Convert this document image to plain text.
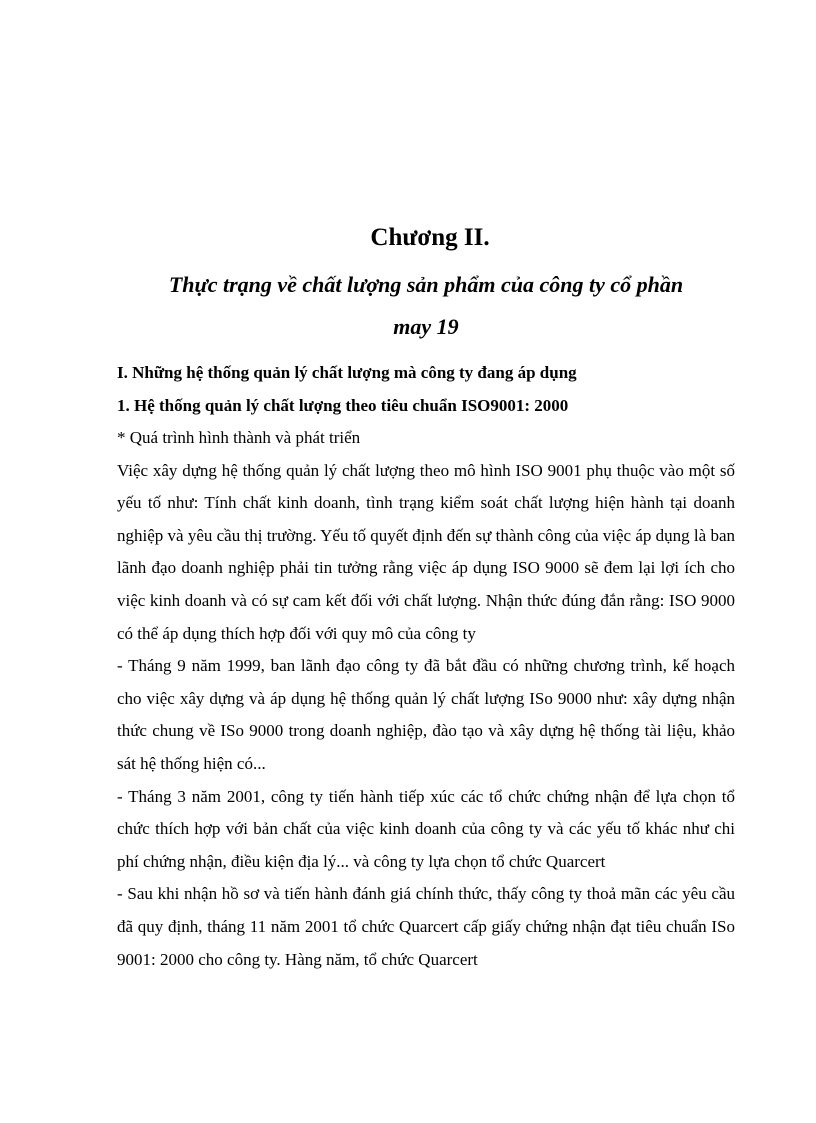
Chương II.
Thực trạng về chất lượng sản phẩm của công ty cổ phần
may 19

I. Những hệ thống quản lý chất lượng mà công ty đang áp dụng

1. Hệ thống quản lý chất lượng theo tiêu chuẩn ISO9001: 2000

* Quá trình hình thành và phát triển

Việc xây dựng hệ thống quản lý chất lượng theo mô hình ISO 9001 phụ thuộc vào một số yếu tố như: Tính chất kinh doanh, tình trạng kiểm soát chất lượng hiện hành tại doanh nghiệp và yêu cầu thị trường. Yếu tố quyết định đến sự thành công của việc áp dụng là ban lãnh đạo doanh nghiệp phải tin tưởng rằng việc áp dụng ISO 9000 sẽ đem lại lợi ích cho việc kinh doanh và có sự cam kết đối với chất lượng. Nhận thức đúng đắn rằng: ISO 9000 có thể áp dụng thích hợp đối với quy mô của công ty

- Tháng 9 năm 1999, ban lãnh đạo công ty đã bắt đầu có những chương trình, kế hoạch cho việc xây dựng và áp dụng hệ thống quản lý chất lượng ISo 9000 như: xây dựng nhận thức chung về ISo 9000 trong doanh nghiệp, đào tạo và xây dựng hệ thống tài liệu, khảo sát hệ thống hiện có...

- Tháng 3 năm 2001, công ty tiến hành tiếp xúc các tổ chức chứng nhận để lựa chọn tổ chức thích hợp với bản chất của việc kinh doanh của công ty và các yếu tố khác như chi phí chứng nhận, điều kiện địa lý... và công ty lựa chọn tổ chức Quarcert

- Sau khi nhận hồ sơ và tiến hành đánh giá chính thức, thấy công ty thoả mãn các yêu cầu đã quy định, tháng 11 năm 2001 tổ chức Quarcert cấp giấy chứng nhận đạt tiêu chuẩn ISo 9001: 2000 cho công ty. Hàng năm, tổ chức Quarcert
